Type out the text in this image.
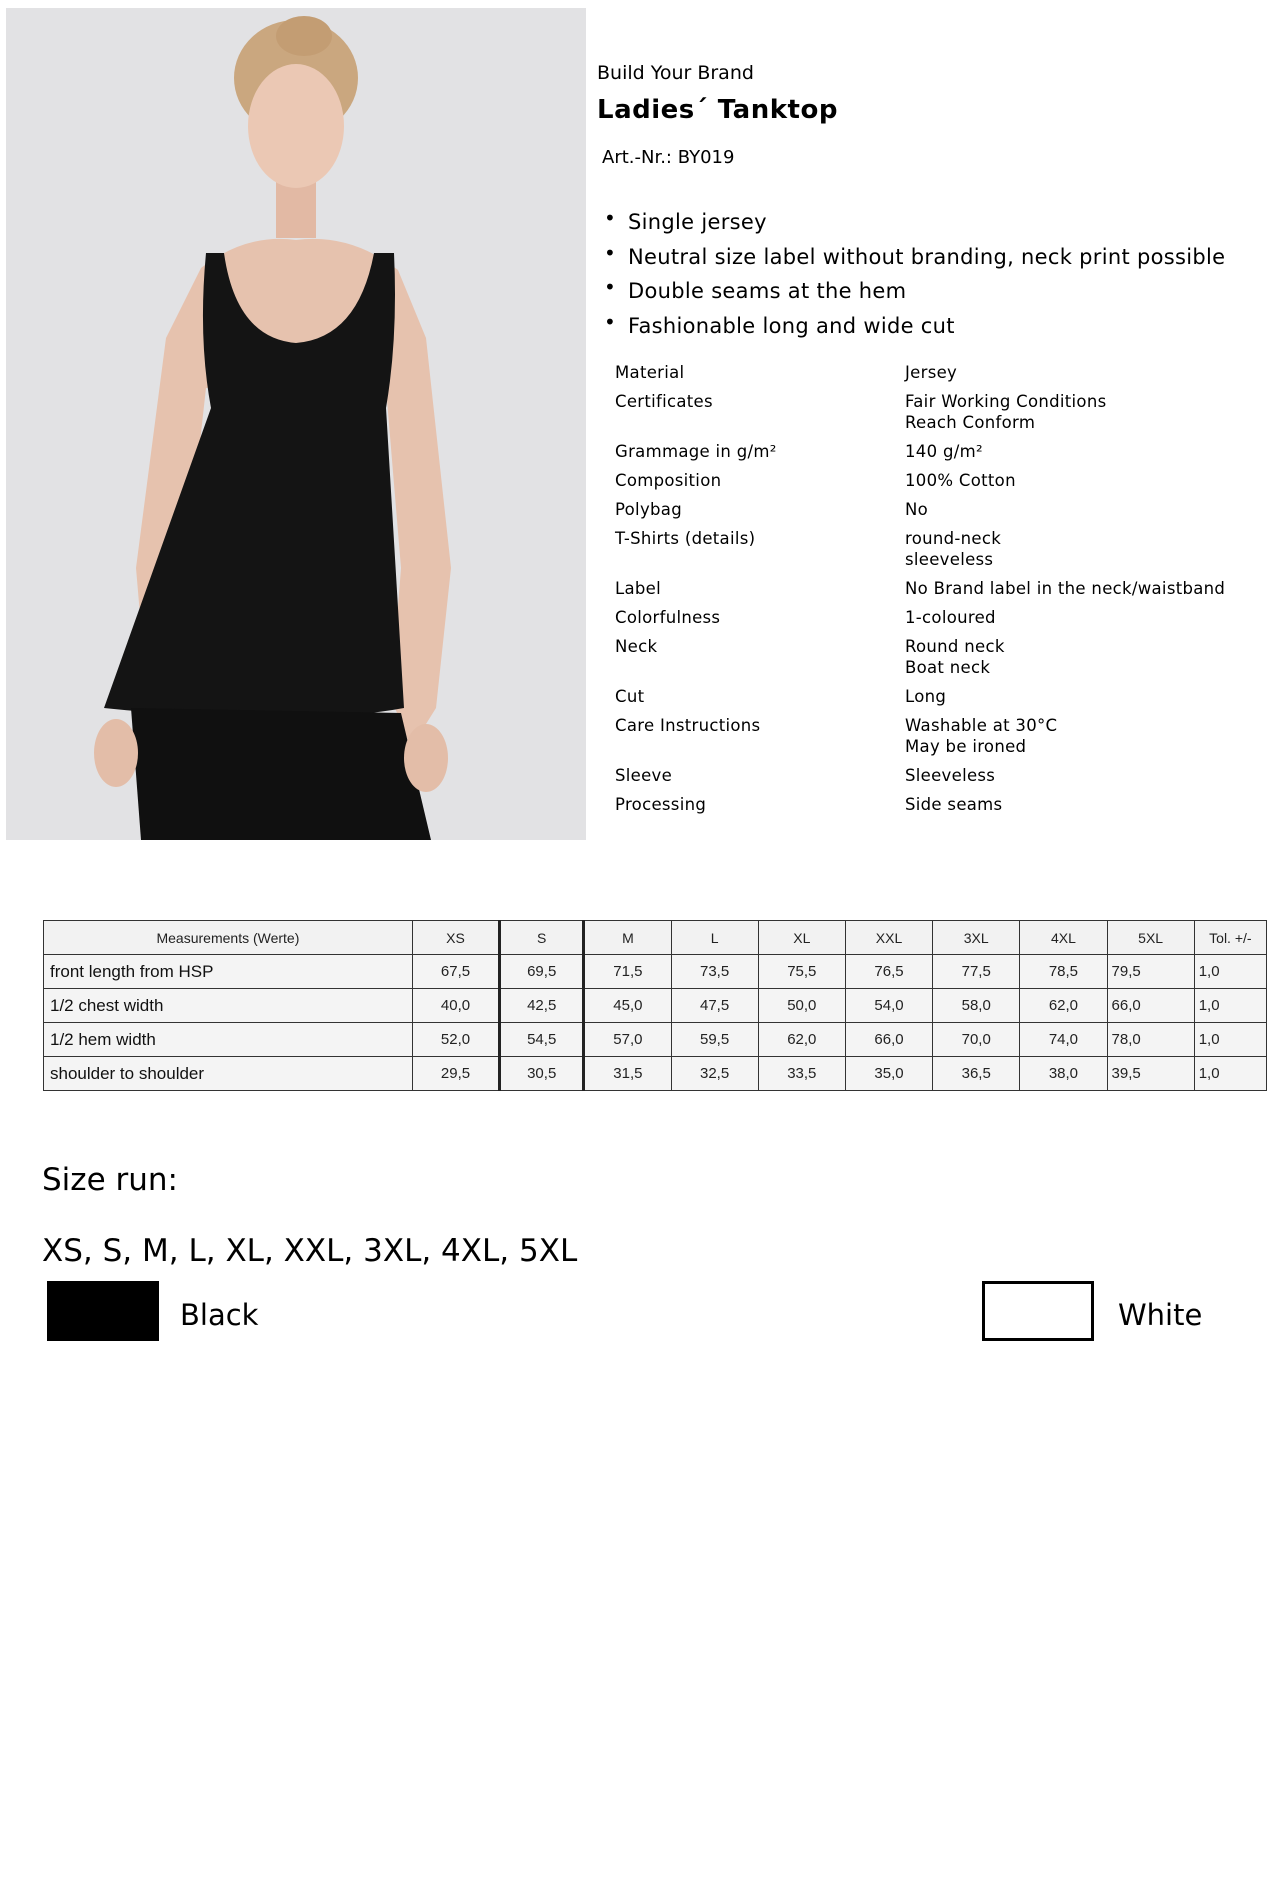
Build Your Brand
Ladies´ Tanktop
Art.-Nr.: BY019
• Single jersey
• Neutral size label without branding, neck print possible
• Double seams at the hem
• Fashionable long and wide cut
Material	Jersey

Certificates	Fair Working Conditions
Reach Conform

Grammage in g/m²	140 g/m²

Composition	100% Cotton

Polybag	No

T-Shirts (details)	round-neck
sleeveless

Label	No Brand label in the neck/waistband

Colorfulness	1-coloured

Neck	Round neck
Boat neck

Cut	Long

Care Instructions	Washable at 30°C
May be ironed

Sleeve	Sleeveless

Processing	Side seams
Measurements (Werte)	XS	S	M	L	XL	XXL	3XL	4XL	5XL	Tol. +/-
front length from HSP	67,5	69,5	71,5	73,5	75,5	76,5	77,5	78,5	79,5	1,0
1/2 chest width	40,0	42,5	45,0	47,5	50,0	54,0	58,0	62,0	66,0	1,0
1/2 hem width	52,0	54,5	57,0	59,5	62,0	66,0	70,0	74,0	78,0	1,0
shoulder to shoulder	29,5	30,5	31,5	32,5	33,5	35,0	36,5	38,0	39,5	1,0
Size run:
XS, S, M, L, XL, XXL, 3XL, 4XL, 5XL
Black	White
